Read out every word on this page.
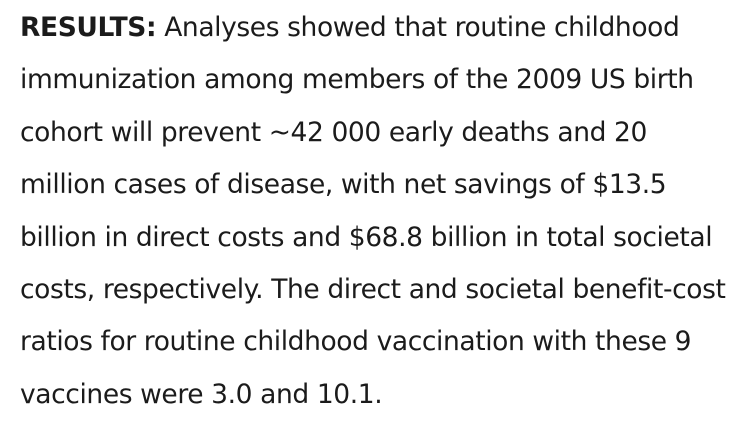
RESULTS: Analyses showed that routine childhood
immunization among members of the 2009 US birth
cohort will prevent ~42 000 early deaths and 20
million cases of disease, with net savings of $13.5
billion in direct costs and $68.8 billion in total societal
costs, respectively. The direct and societal benefit-cost
ratios for routine childhood vaccination with these 9
vaccines were 3.0 and 10.1.
